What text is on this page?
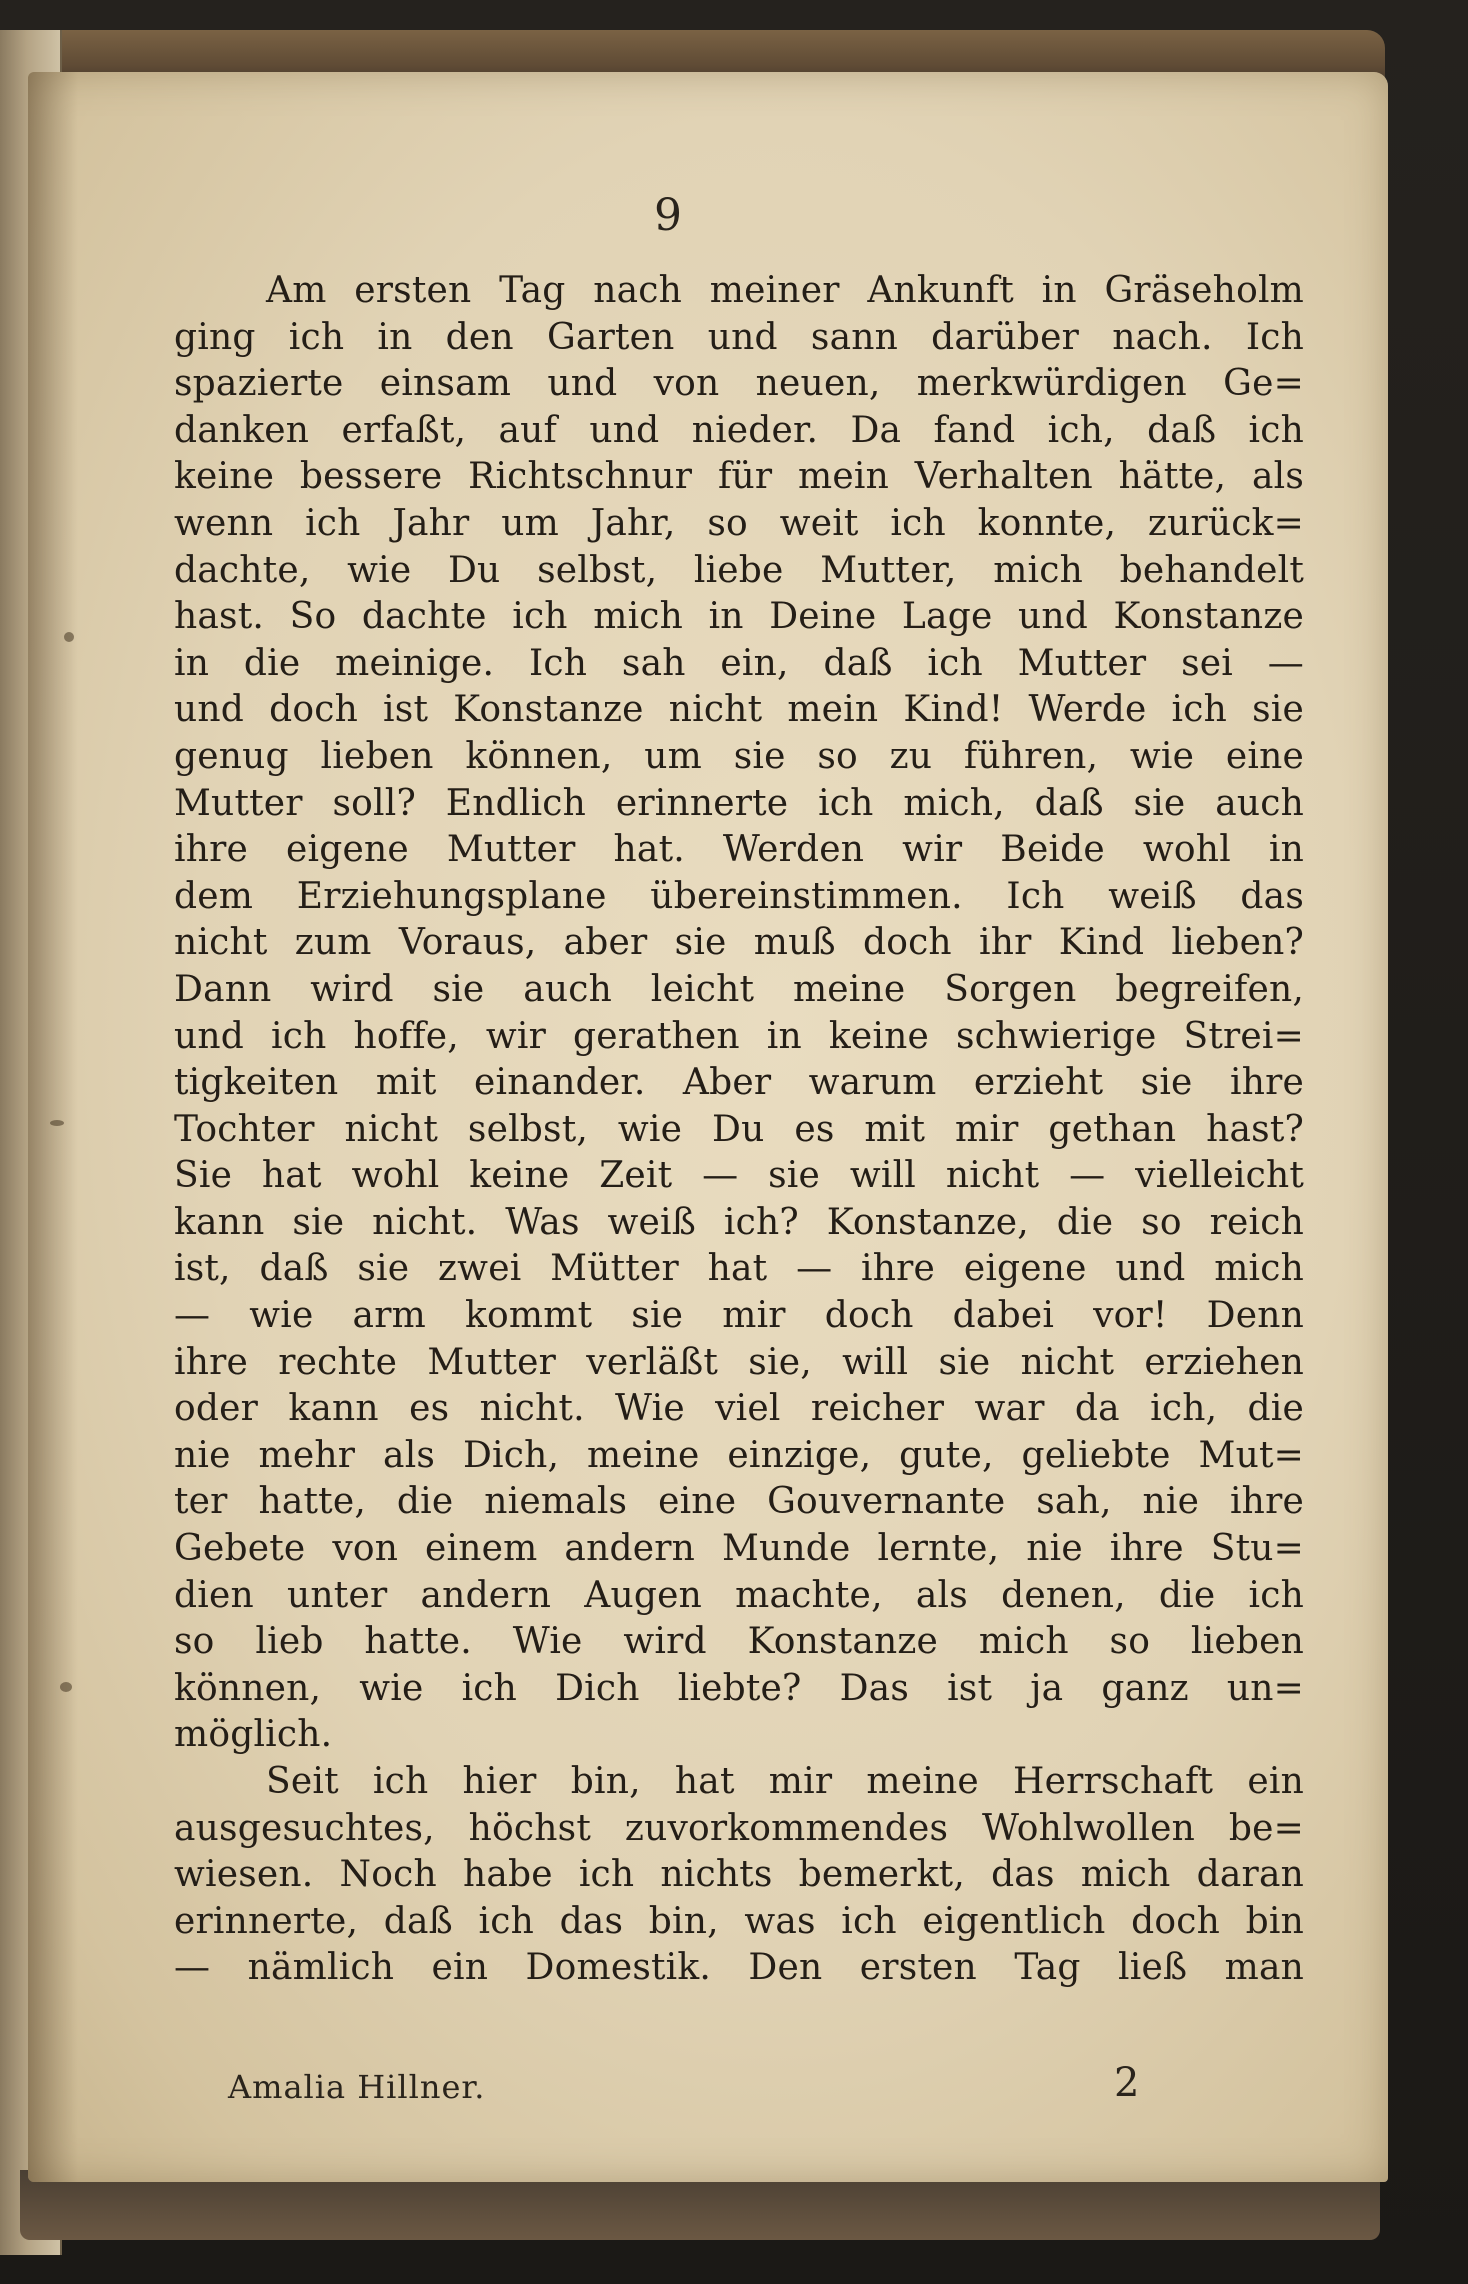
9
Am ersten Tag nach meiner Ankunft in Gräseholm
ging ich in den Garten und sann darüber nach. Ich
spazierte einsam und von neuen, merkwürdigen Ge=
danken erfaßt, auf und nieder. Da fand ich, daß ich
keine bessere Richtschnur für mein Verhalten hätte, als
wenn ich Jahr um Jahr, so weit ich konnte, zurück=
dachte, wie Du selbst, liebe Mutter, mich behandelt
hast. So dachte ich mich in Deine Lage und Konstanze
in die meinige. Ich sah ein, daß ich Mutter sei —
und doch ist Konstanze nicht mein Kind! Werde ich sie
genug lieben können, um sie so zu führen, wie eine
Mutter soll? Endlich erinnerte ich mich, daß sie auch
ihre eigene Mutter hat. Werden wir Beide wohl in
dem Erziehungsplane übereinstimmen. Ich weiß das
nicht zum Voraus, aber sie muß doch ihr Kind lieben?
Dann wird sie auch leicht meine Sorgen begreifen,
und ich hoffe, wir gerathen in keine schwierige Strei=
tigkeiten mit einander. Aber warum erzieht sie ihre
Tochter nicht selbst, wie Du es mit mir gethan hast?
Sie hat wohl keine Zeit — sie will nicht — vielleicht
kann sie nicht. Was weiß ich? Konstanze, die so reich
ist, daß sie zwei Mütter hat — ihre eigene und mich
— wie arm kommt sie mir doch dabei vor! Denn
ihre rechte Mutter verläßt sie, will sie nicht erziehen
oder kann es nicht. Wie viel reicher war da ich, die
nie mehr als Dich, meine einzige, gute, geliebte Mut=
ter hatte, die niemals eine Gouvernante sah, nie ihre
Gebete von einem andern Munde lernte, nie ihre Stu=
dien unter andern Augen machte, als denen, die ich
so lieb hatte. Wie wird Konstanze mich so lieben
können, wie ich Dich liebte? Das ist ja ganz un=
möglich.
Seit ich hier bin, hat mir meine Herrschaft ein
ausgesuchtes, höchst zuvorkommendes Wohlwollen be=
wiesen. Noch habe ich nichts bemerkt, das mich daran
erinnerte, daß ich das bin, was ich eigentlich doch bin
— nämlich ein Domestik. Den ersten Tag ließ man
Amalia Hillner.	2
